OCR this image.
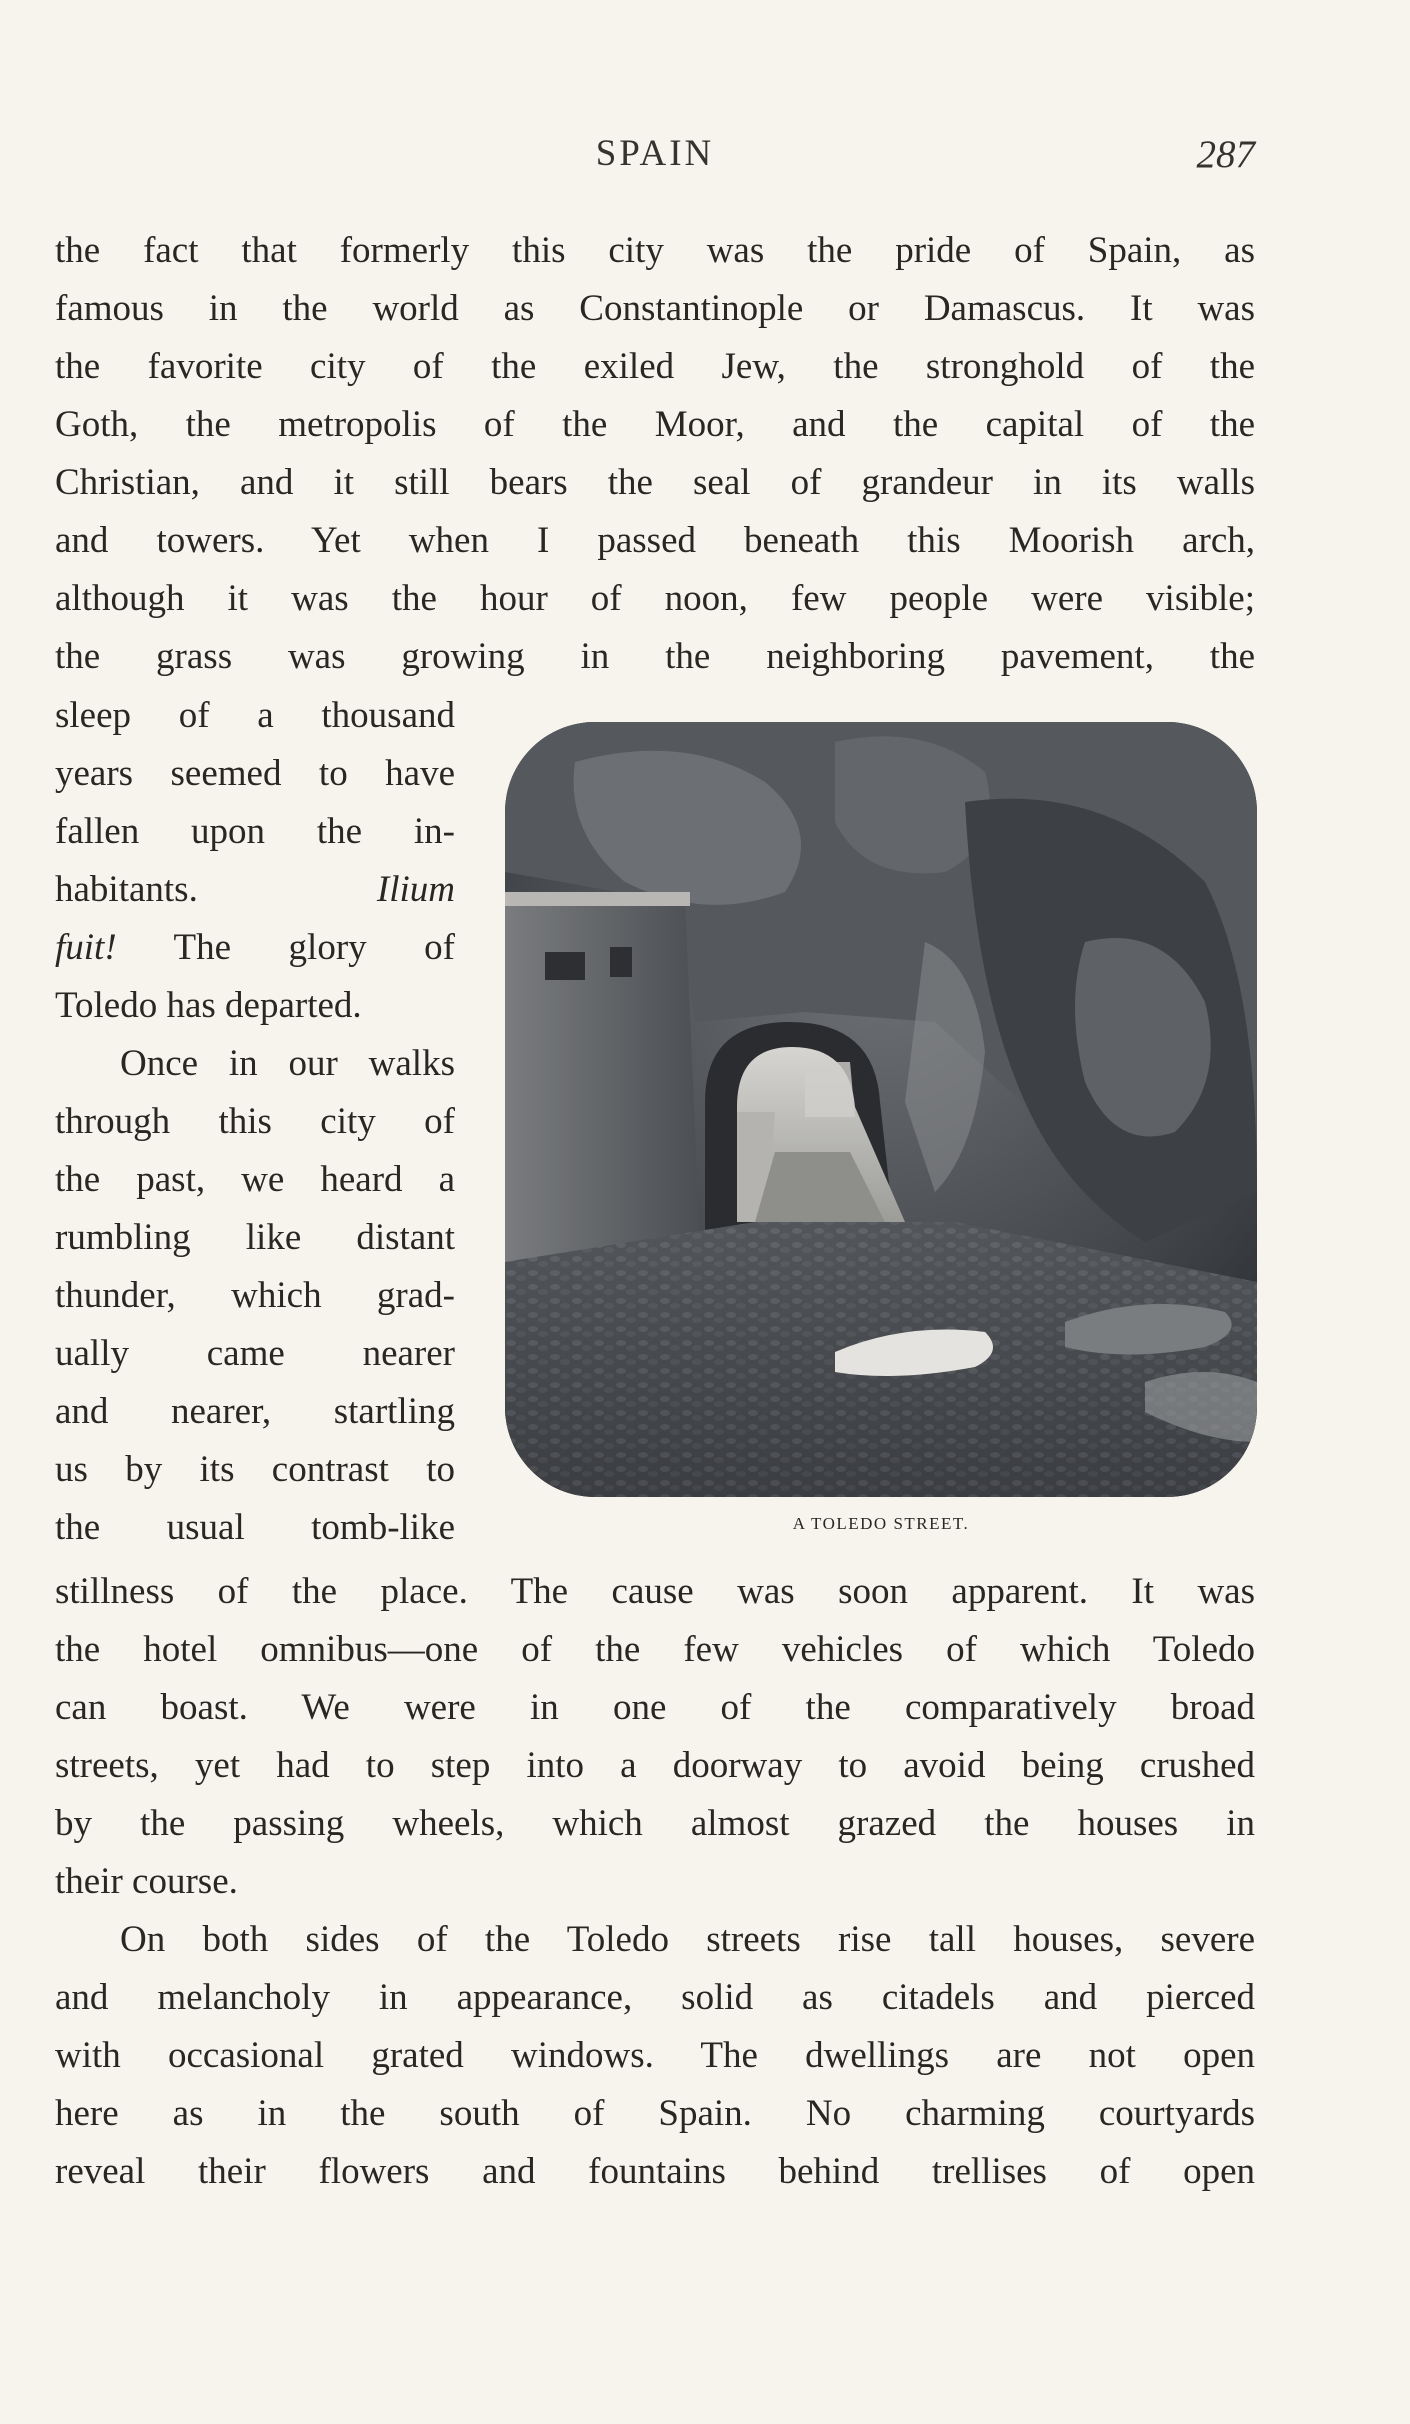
SPAIN	287
the fact that formerly this city was the pride of Spain, as
famous in the world as Constantinople or Damascus. It was
the favorite city of the exiled Jew, the stronghold of the
Goth, the metropolis of the Moor, and the capital of the
Christian, and it still bears the seal of grandeur in its walls
and towers. Yet when I passed beneath this Moorish arch,
although it was the hour of noon, few people were visible;
the grass was growing in the neighboring pavement, the
sleep of a thousand
years seemed to have
fallen upon the in-
habitants. Ilium
fuit! The glory of
Toledo has departed.
Once in our walks
through this city of
the past, we heard a
rumbling like distant
thunder, which grad-
ually came nearer
and nearer, startling
us by its contrast to
the usual tomb-like	A TOLEDO STREET.
stillness of the place. The cause was soon apparent. It was
the hotel omnibus—one of the few vehicles of which Toledo
can boast. We were in one of the comparatively broad
streets, yet had to step into a doorway to avoid being crushed
by the passing wheels, which almost grazed the houses in
their course.
On both sides of the Toledo streets rise tall houses, severe
and melancholy in appearance, solid as citadels and pierced
with occasional grated windows. The dwellings are not open
here as in the south of Spain. No charming courtyards
reveal their flowers and fountains behind trellises of open
